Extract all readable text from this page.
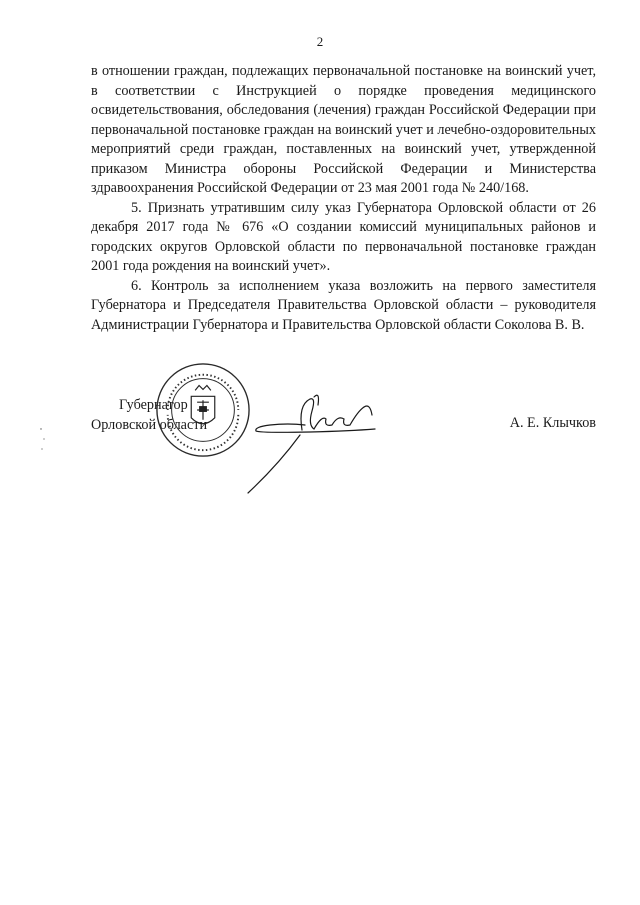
2

в отношении граждан, подлежащих первоначальной постановке на воинский учет, в соответствии с Инструкцией о порядке проведения медицинского освидетельствования, обследования (лечения) граждан Российской Федерации при первоначальной постановке граждан на воинский учет и лечебно-оздоровительных мероприятий среди граждан, поставленных на воинский учет, утвержденной приказом Министра обороны Российской Федерации и Министерства здравоохранения Российской Федерации от 23 мая 2001 года № 240/168.

5. Признать утратившим силу указ Губернатора Орловской области от 26 декабря 2017 года № 676 «О создании комиссий муниципальных районов и городских округов Орловской области по первоначальной постановке граждан 2001 года рождения на воинский учет».

6. Контроль за исполнением указа возложить на первого заместителя Губернатора и Председателя Правительства Орловской области – руководителя Администрации Губернатора и Правительства Орловской области Соколова В. В.

Губернатор
Орловской области	А. Е. Клычков
